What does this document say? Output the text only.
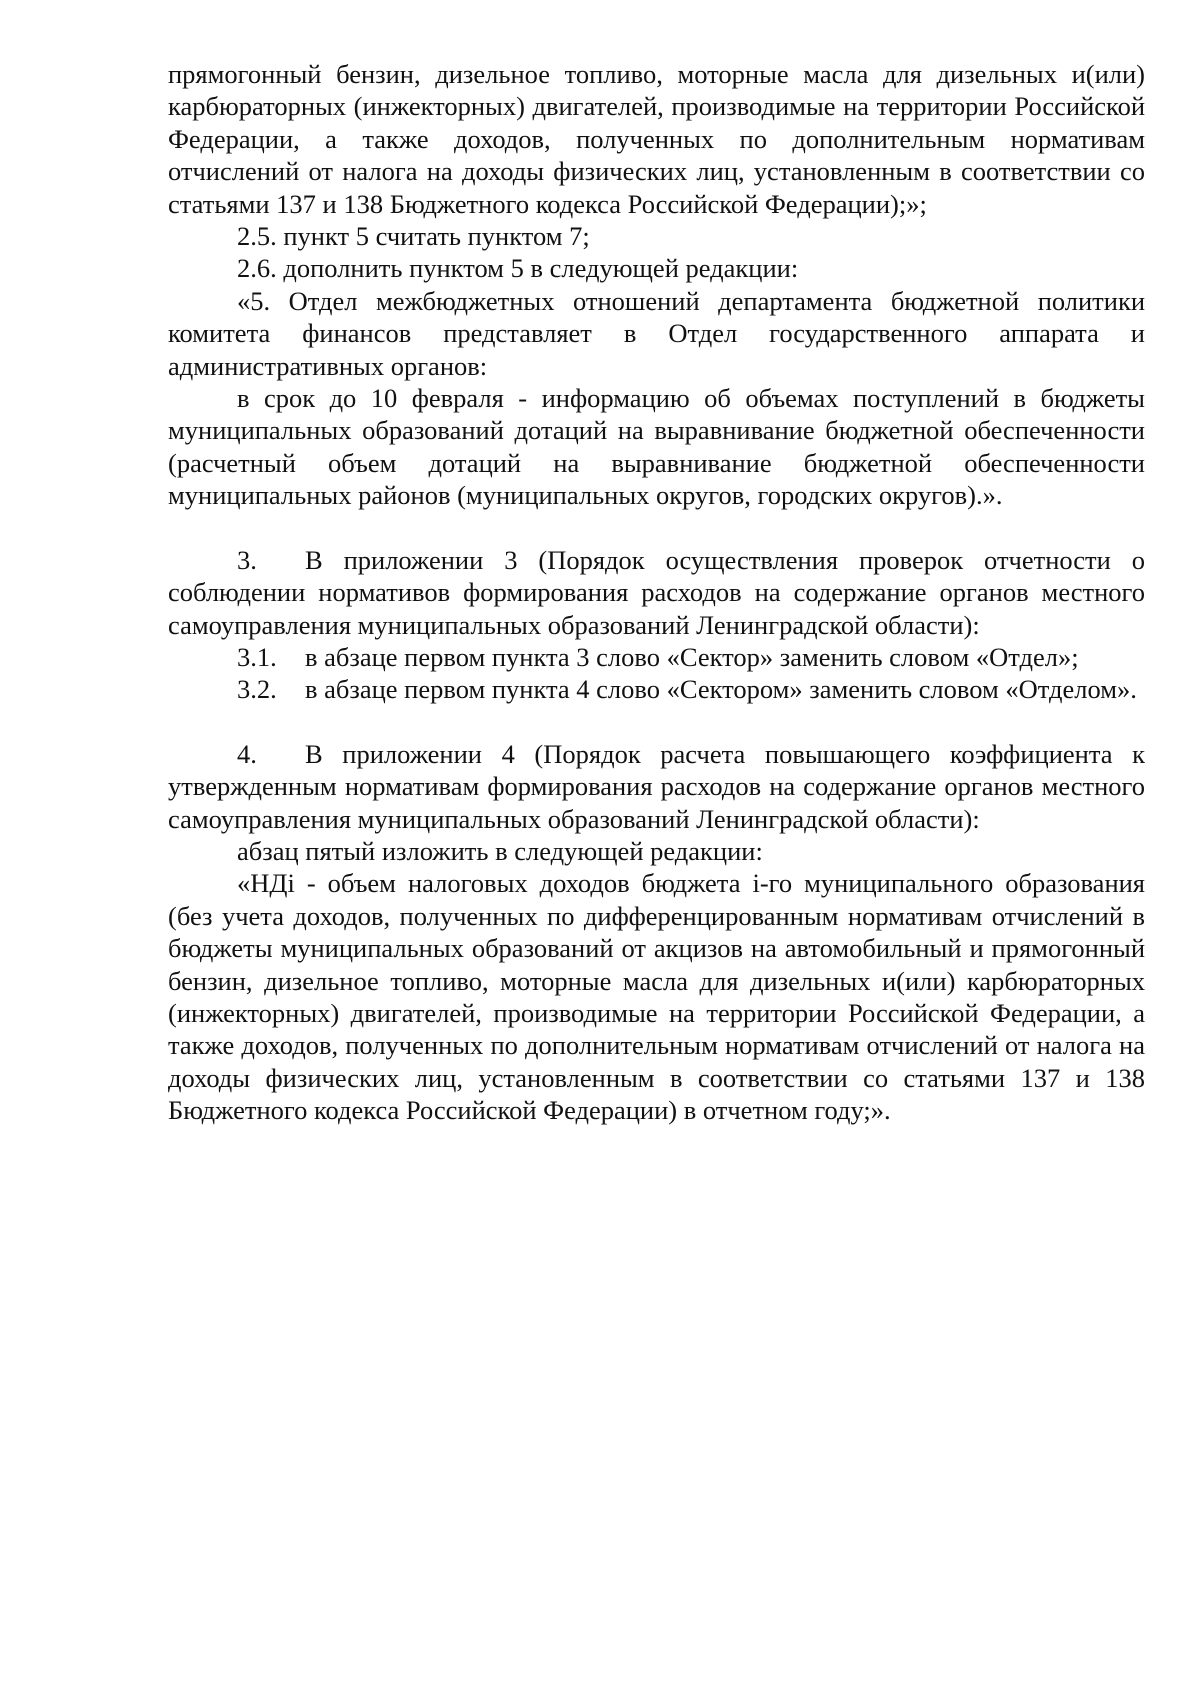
прямогонный бензин, дизельное топливо, моторные масла для дизельных и(или) карбюраторных (инжекторных) двигателей, производимые на территории Российской Федерации, а также доходов, полученных по дополнительным нормативам отчислений от налога на доходы физических лиц, установленным в соответствии со статьями 137 и 138 Бюджетного кодекса Российской Федерации);»;

2.5. пункт 5 считать пунктом 7;

2.6. дополнить пунктом 5 в следующей редакции:

«5. Отдел межбюджетных отношений департамента бюджетной политики комитета финансов представляет в Отдел государственного аппарата и административных органов:

в срок до 10 февраля - информацию об объемах поступлений в бюджеты муниципальных образований дотаций на выравнивание бюджетной обеспеченности (расчетный объем дотаций на выравнивание бюджетной обеспеченности муниципальных районов (муниципальных округов, городских округов).».

3. В приложении 3 (Порядок осуществления проверок отчетности о соблюдении нормативов формирования расходов на содержание органов местного самоуправления муниципальных образований Ленинградской области):

3.1. в абзаце первом пункта 3 слово «Сектор» заменить словом «Отдел»;

3.2. в абзаце первом пункта 4 слово «Сектором» заменить словом «Отделом».

4. В приложении 4 (Порядок расчета повышающего коэффициента к утвержденным нормативам формирования расходов на содержание органов местного самоуправления муниципальных образований Ленинградской области):

абзац пятый изложить в следующей редакции:

«НДi - объем налоговых доходов бюджета i-го муниципального образования (без учета доходов, полученных по дифференцированным нормативам отчислений в бюджеты муниципальных образований от акцизов на автомобильный и прямогонный бензин, дизельное топливо, моторные масла для дизельных и(или) карбюраторных (инжекторных) двигателей, производимые на территории Российской Федерации, а также доходов, полученных по дополнительным нормативам отчислений от налога на доходы физических лиц, установленным в соответствии со статьями 137 и 138 Бюджетного кодекса Российской Федерации) в отчетном году;».
